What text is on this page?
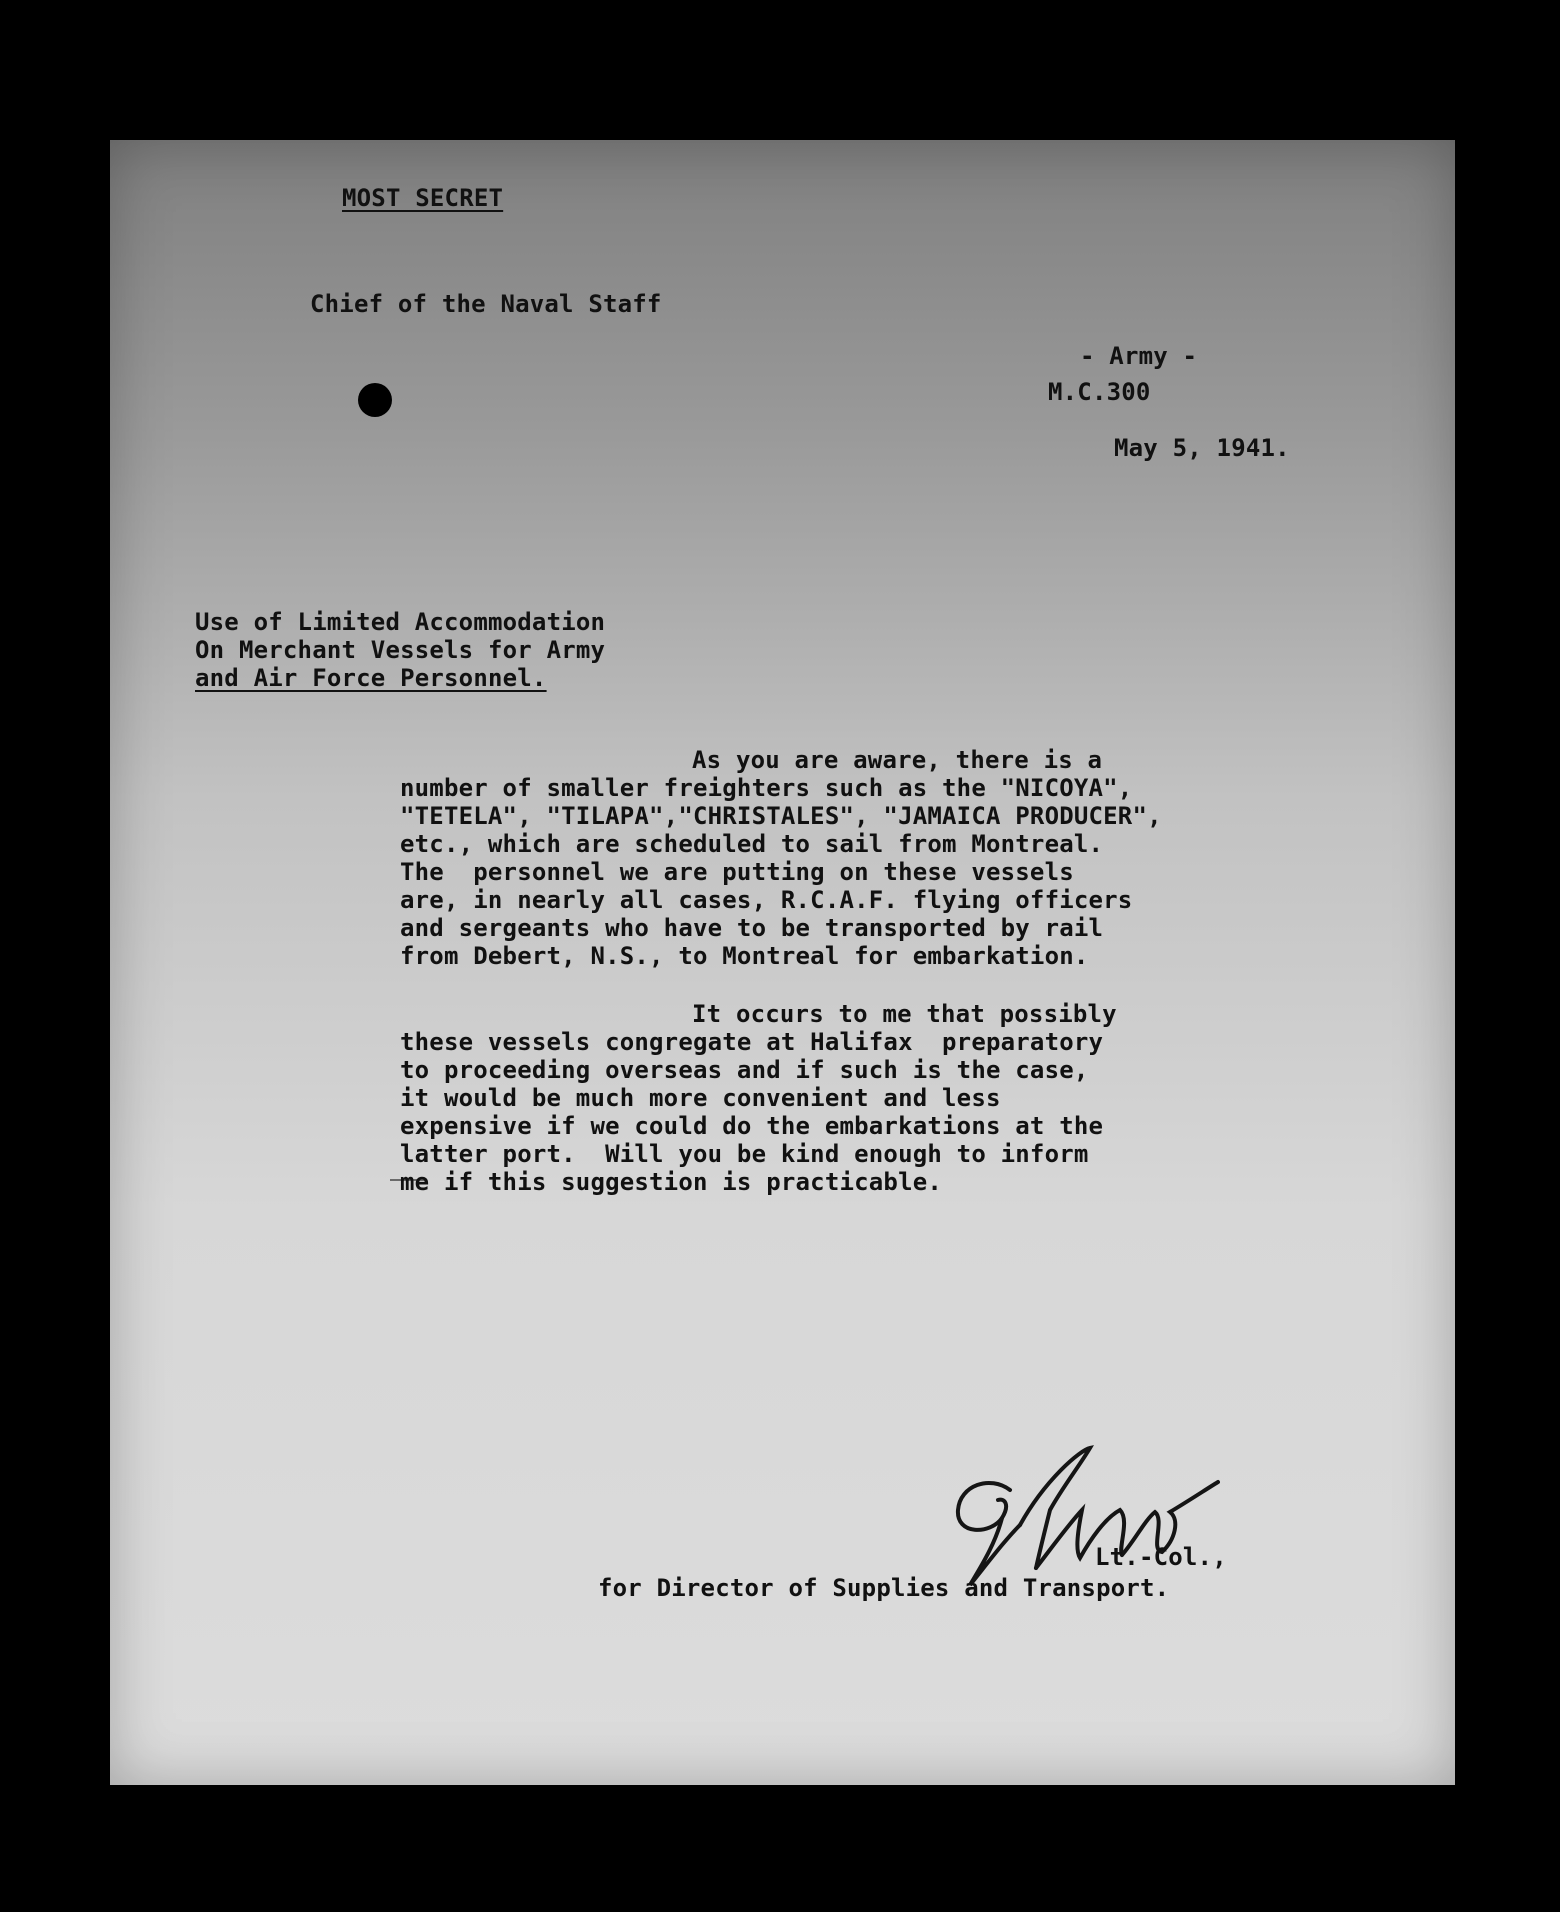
MOST SECRET
Chief of the Naval Staff
- Army -
M.C.300
May 5, 1941.
Use of Limited Accommodation
On Merchant Vessels for Army
and Air Force Personnel.
As you are aware, there is a
number of smaller freighters such as the "NICOYA",
"TETELA", "TILAPA","CHRISTALES", "JAMAICA PRODUCER",
etc., which are scheduled to sail from Montreal.
The  personnel we are putting on these vessels
are, in nearly all cases, R.C.A.F. flying officers
and sergeants who have to be transported by rail
from Debert, N.S., to Montreal for embarkation.
It occurs to me that possibly
these vessels congregate at Halifax  preparatory
to proceeding overseas and if such is the case,
it would be much more convenient and less
expensive if we could do the embarkations at the
latter port.  Will you be kind enough to inform
me if this suggestion is practicable.
Lt.-Col.,
for Director of Supplies and Transport.
